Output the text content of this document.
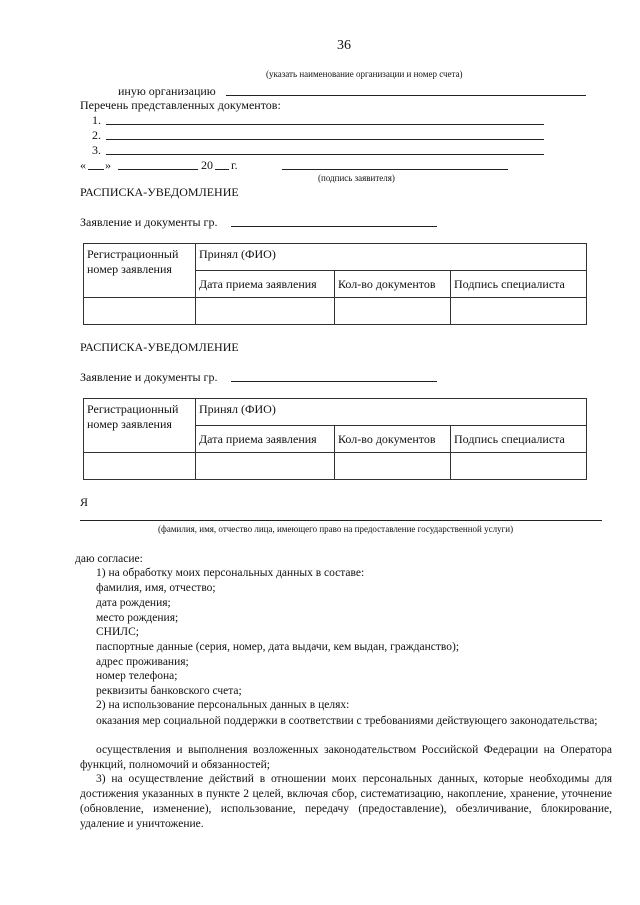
36
(указать наименование организации и номер счета)
иную организацию
Перечень представленных документов:
1.
2.
3.
« »	20 г.
(подпись заявителя)
РАСПИСКА-УВЕДОМЛЕНИЕ
Заявление и документы гр.
Регистрационный номер заявления	Принял (ФИО)		
	Дата приема заявления	Кол-во документов	Подпись специалиста

РАСПИСКА-УВЕДОМЛЕНИЕ
Заявление и документы гр.
Регистрационный номер заявления	Принял (ФИО)		
	Дата приема заявления	Кол-во документов	Подпись специалиста

Я
(фамилия, имя, отчество лица, имеющего право на предоставление государственной услуги)
даю согласие:
1) на обработку моих персональных данных в составе:
фамилия, имя, отчество;
дата рождения;
место рождения;
СНИЛС;
паспортные данные (серия, номер, дата выдачи, кем выдан, гражданство);
адрес проживания;
номер телефона;
реквизиты банковского счета;
2) на использование персональных данных в целях:
оказания мер социальной поддержки в соответствии с требованиями действующего законодательства;
осуществления и выполнения возложенных законодательством Российской Федерации на Оператора функций, полномочий и обязанностей;
3) на осуществление действий в отношении моих персональных данных, которые необходимы для достижения указанных в пункте 2 целей, включая сбор, систематизацию, накопление, хранение, уточнение (обновление, изменение), использование, передачу (предоставление), обезличивание, блокирование, удаление и уничтожение.
